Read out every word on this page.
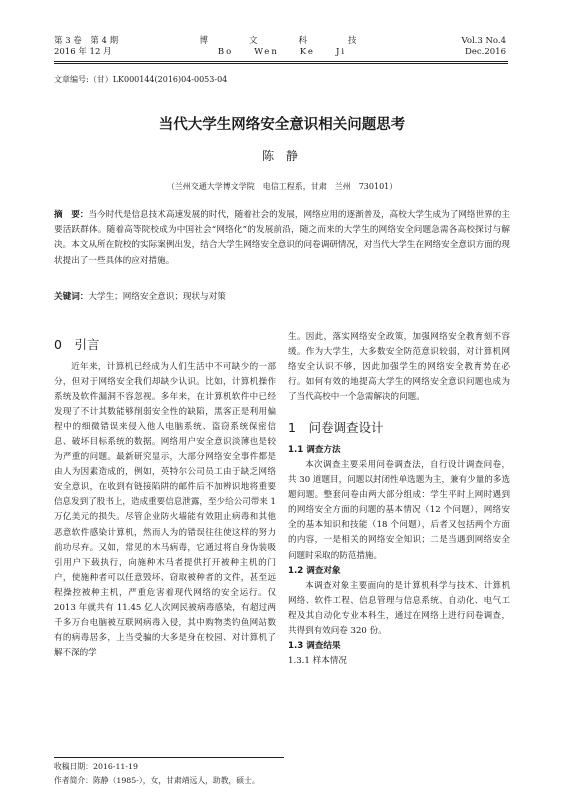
第 3 卷　第 4 期
2016 年 12 月
博　　文　　科　　技
Bo　　Wen　　Ke　　Ji
Vol.3 No.4
Dec.2016
文章编号:（甘）LK000144(2016)04-0053-04
当代大学生网络安全意识相关问题思考
陈 静
（兰州交通大学博文学院　电信工程系，甘肃　兰州　730101）
摘　要：当今时代是信息技术高速发展的时代，随着社会的发展，网络应用的逐渐普及，高校大学生成为了网络世界的主要活跃群体。随着高等院校成为中国社会“网络化”的发展前沿，随之而来的大学生的网络安全问题急需各高校探讨与解决。本文从所在院校的实际案例出发，结合大学生网络安全意识的问卷调研情况，对当代大学生在网络安全意识方面的现状提出了一些具体的应对措施。
关键词：大学生；网络安全意识；现状与对策
0　引言

近年来，计算机已经成为人们生活中不可缺少的一部分，但对于网络安全我们却缺少认识。比如，计算机操作系统及软件漏洞不容忽视。多年来，在计算机软件中已经发现了不计其数能够削弱安全性的缺陷，黑客正是利用偏程中的细微错误来侵入他人电脑系统、盗窃系统保密信息、破坏目标系统的数据。网络用户安全意识淡薄也是较为严重的问题。最新研究显示，大部分网络安全事件都是由人为因素造成的，例如，英特尔公司员工由于缺乏网络安全意识，在收到有链接陷阱的邮件后不加辨识地将重要信息发到了股书上，造成重要信息泄露，至少给公司带来 1 万亿美元的损失。尽管企业防火墙能有效阻止病毒和其他恶意软件感染计算机，然而人为的错误往往使这样的努力前功尽弃。又如，常见的木马病毒，它通过将自身伪装吸引用户下载执行，向施种木马者提供打开被种主机的门户，使施种者可以任意毁坏、窃取被种者的文件，甚至远程操控被种主机，严重危害着现代网络的安全运行。仅 2013 年就共有 11.45 亿人次网民被病毒感染，有超过两千多万台电脑被互联网病毒入侵，其中购物类钓鱼网站数有的病毒居多，上当受骗的大多是身在校园、对计算机了解不深的学

生。因此，落实网络安全政策，加强网络安全教育刻不容缓。作为大学生，大多数安全防范意识较弱，对计算机网络安全认识不够，因此加强学生的网络安全教育势在必行。如何有效的地提高大学生的网络安全意识问题也成为了当代高校中一个急需解决的问题。

1　问卷调查设计
1.1 调查方法

本次调查主要采用问卷调查法，自行设计调查问卷，共 30 道题目，问题以封闭性单选题为主，兼有少量的多选题问题。整套问卷由两大部分组成：学生平时上网时遇到的网络安全方面的问题的基本情况（12 个问题），网络安全的基本知识和技能（18 个问题），后者又包括两个方面的内容，一是相关的网络安全知识；二是当遇到网络安全问题时采取的防范措施。

1.2 调查对象

本调查对象主要面向的是计算机科学与技术、计算机网络、软件工程、信息管理与信息系统、自动化、电气工程及其自动化专业本科生，通过在网络上进行问卷调查，共得到有效问卷 320 份。

1.3 调查结果
1.3.1 样本情况
收稿日期：2016-11-19
作者简介：陈静（1985-），女，甘肃靖远人，助教，硕士。
